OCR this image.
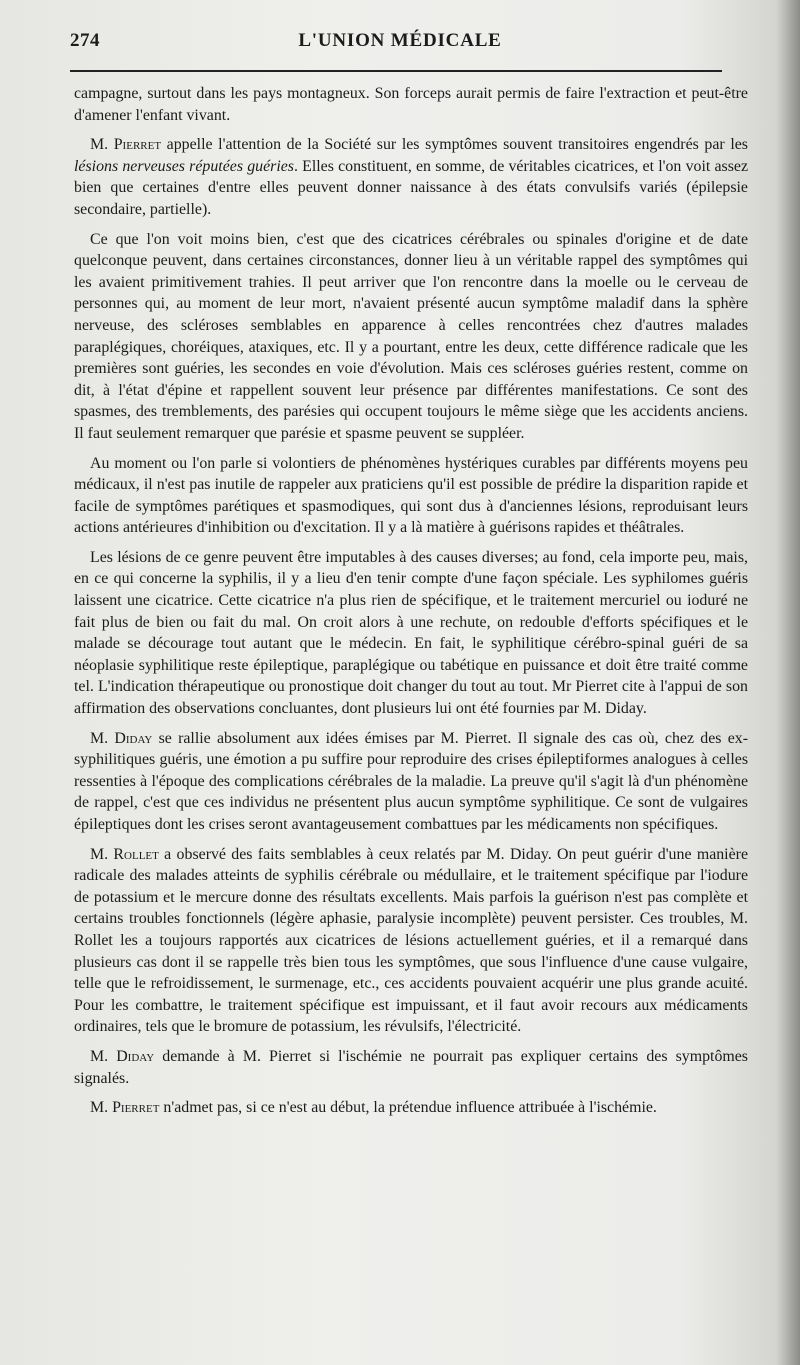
274	L'UNION MÉDICALE

campagne, surtout dans les pays montagneux. Son forceps aurait permis de faire l'extraction et peut-être d'amener l'enfant vivant.

M. Pierret appelle l'attention de la Société sur les symptômes souvent transitoires engendrés par les lésions nerveuses réputées guéries. Elles constituent, en somme, de véritables cicatrices, et l'on voit assez bien que certaines d'entre elles peuvent donner naissance à des états convulsifs variés (épilepsie secondaire, partielle).

Ce que l'on voit moins bien, c'est que des cicatrices cérébrales ou spinales d'origine et de date quelconque peuvent, dans certaines circonstances, donner lieu à un véritable rappel des symptômes qui les avaient primitivement trahies. Il peut arriver que l'on rencontre dans la moelle ou le cerveau de personnes qui, au moment de leur mort, n'avaient présenté aucun symptôme maladif dans la sphère nerveuse, des scléroses semblables en apparence à celles rencontrées chez d'autres malades paraplégiques, choréiques, ataxiques, etc. Il y a pourtant, entre les deux, cette différence radicale que les premières sont guéries, les secondes en voie d'évolution. Mais ces scléroses guéries restent, comme on dit, à l'état d'épine et rappellent souvent leur présence par différentes manifestations. Ce sont des spasmes, des tremblements, des parésies qui occupent toujours le même siège que les accidents anciens. Il faut seulement remarquer que parésie et spasme peuvent se suppléer.

Au moment ou l'on parle si volontiers de phénomènes hystériques curables par différents moyens peu médicaux, il n'est pas inutile de rappeler aux praticiens qu'il est possible de prédire la disparition rapide et facile de symptômes parétiques et spasmodiques, qui sont dus à d'anciennes lésions, reproduisant leurs actions antérieures d'inhibition ou d'excitation. Il y a là matière à guérisons rapides et théâtrales.

Les lésions de ce genre peuvent être imputables à des causes diverses; au fond, cela importe peu, mais, en ce qui concerne la syphilis, il y a lieu d'en tenir compte d'une façon spéciale. Les syphilomes guéris laissent une cicatrice. Cette cicatrice n'a plus rien de spécifique, et le traitement mercuriel ou ioduré ne fait plus de bien ou fait du mal. On croit alors à une rechute, on redouble d'efforts spécifiques et le malade se décourage tout autant que le médecin. En fait, le syphilitique cérébro-spinal guéri de sa néoplasie syphilitique reste épileptique, paraplégique ou tabétique en puissance et doit être traité comme tel. L'indication thérapeutique ou pronostique doit changer du tout au tout. Mr Pierret cite à l'appui de son affirmation des observations concluantes, dont plusieurs lui ont été fournies par M. Diday.

M. Diday se rallie absolument aux idées émises par M. Pierret. Il signale des cas où, chez des ex-syphilitiques guéris, une émotion a pu suffire pour reproduire des crises épileptiformes analogues à celles ressenties à l'époque des complications cérébrales de la maladie. La preuve qu'il s'agit là d'un phénomène de rappel, c'est que ces individus ne présentent plus aucun symptôme syphilitique. Ce sont de vulgaires épileptiques dont les crises seront avantageusement combattues par les médicaments non spécifiques.

M. Rollet a observé des faits semblables à ceux relatés par M. Diday. On peut guérir d'une manière radicale des malades atteints de syphilis cérébrale ou médullaire, et le traitement spécifique par l'iodure de potassium et le mercure donne des résultats excellents. Mais parfois la guérison n'est pas complète et certains troubles fonctionnels (légère aphasie, paralysie incomplète) peuvent persister. Ces troubles, M. Rollet les a toujours rapportés aux cicatrices de lésions actuellement guéries, et il a remarqué dans plusieurs cas dont il se rappelle très bien tous les symptômes, que sous l'influence d'une cause vulgaire, telle que le refroidissement, le surmenage, etc., ces accidents pouvaient acquérir une plus grande acuité. Pour les combattre, le traitement spécifique est impuissant, et il faut avoir recours aux médicaments ordinaires, tels que le bromure de potassium, les révulsifs, l'électricité.

M. Diday demande à M. Pierret si l'ischémie ne pourrait pas expliquer certains des symptômes signalés.

M. Pierret n'admet pas, si ce n'est au début, la prétendue influence attribuée à l'ischémie.
